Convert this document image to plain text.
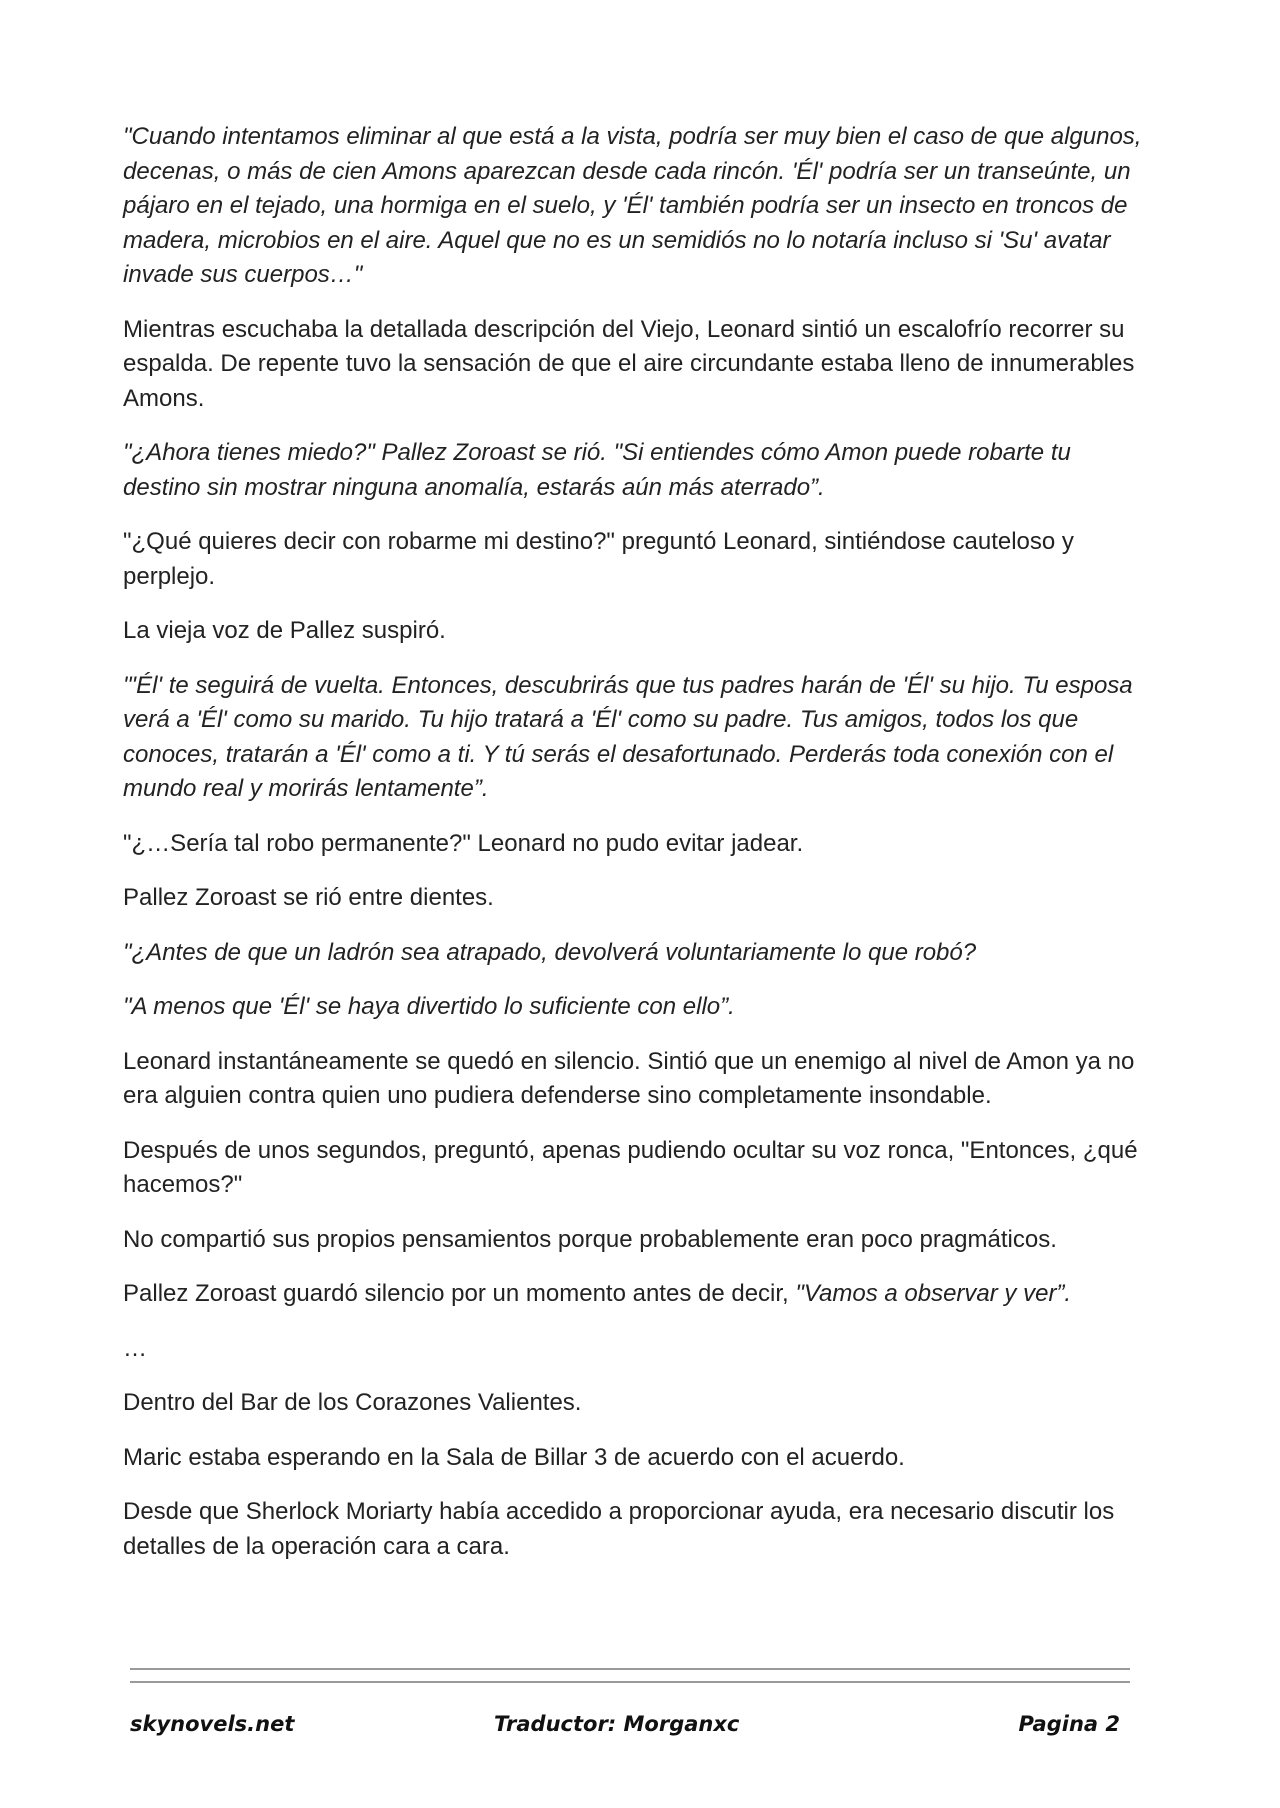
"Cuando intentamos eliminar al que está a la vista, podría ser muy bien el caso de que algunos, decenas, o más de cien Amons aparezcan desde cada rincón. 'Él' podría ser un transeúnte, un pájaro en el tejado, una hormiga en el suelo, y 'Él' también podría ser un insecto en troncos de madera, microbios en el aire. Aquel que no es un semidiós no lo notaría incluso si 'Su' avatar invade sus cuerpos…"

Mientras escuchaba la detallada descripción del Viejo, Leonard sintió un escalofrío recorrer su espalda. De repente tuvo la sensación de que el aire circundante estaba lleno de innumerables Amons.

"¿Ahora tienes miedo?" Pallez Zoroast se rió. "Si entiendes cómo Amon puede robarte tu destino sin mostrar ninguna anomalía, estarás aún más aterrado”.

"¿Qué quieres decir con robarme mi destino?" preguntó Leonard, sintiéndose cauteloso y perplejo.

La vieja voz de Pallez suspiró.

"'Él' te seguirá de vuelta. Entonces, descubrirás que tus padres harán de 'Él' su hijo. Tu esposa verá a 'Él' como su marido. Tu hijo tratará a 'Él' como su padre. Tus amigos, todos los que conoces, tratarán a 'Él' como a ti. Y tú serás el desafortunado. Perderás toda conexión con el mundo real y morirás lentamente”.

"¿…Sería tal robo permanente?" Leonard no pudo evitar jadear.

Pallez Zoroast se rió entre dientes.

"¿Antes de que un ladrón sea atrapado, devolverá voluntariamente lo que robó?

"A menos que 'Él' se haya divertido lo suficiente con ello”.

Leonard instantáneamente se quedó en silencio. Sintió que un enemigo al nivel de Amon ya no era alguien contra quien uno pudiera defenderse sino completamente insondable.

Después de unos segundos, preguntó, apenas pudiendo ocultar su voz ronca, "Entonces, ¿qué hacemos?"

No compartió sus propios pensamientos porque probablemente eran poco pragmáticos.

Pallez Zoroast guardó silencio por un momento antes de decir, "Vamos a observar y ver”.

…

Dentro del Bar de los Corazones Valientes.

Maric estaba esperando en la Sala de Billar 3 de acuerdo con el acuerdo.

Desde que Sherlock Moriarty había accedido a proporcionar ayuda, era necesario discutir los detalles de la operación cara a cara.

skynovels.net	Traductor: Morganxc	Pagina 2
